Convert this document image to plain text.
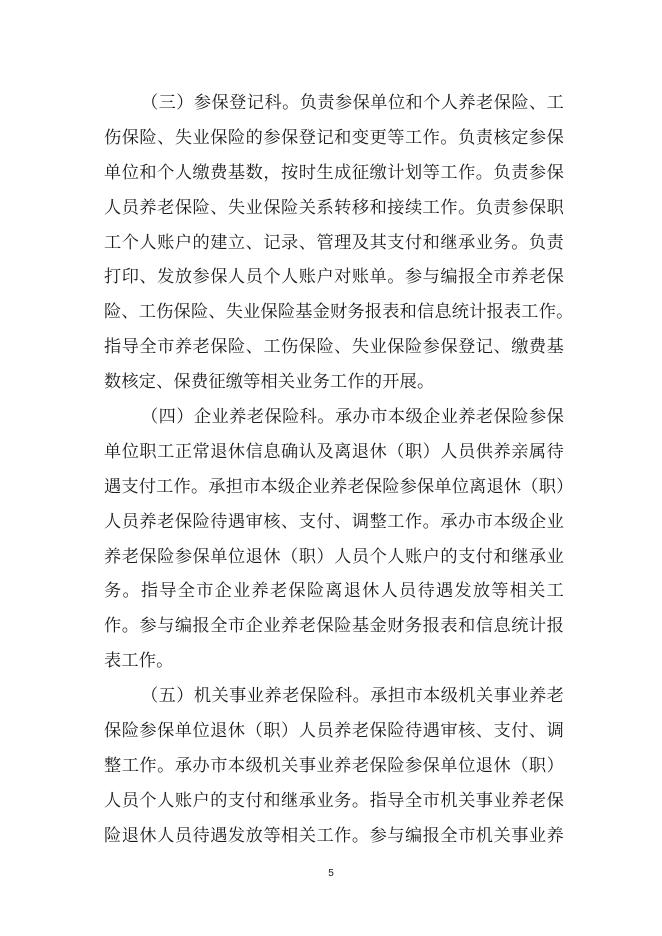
（三）参保登记科。负责参保单位和个人养老保险、工
伤保险、失业保险的参保登记和变更等工作。负责核定参保
单位和个人缴费基数，按时生成征缴计划等工作。负责参保
人员养老保险、失业保险关系转移和接续工作。负责参保职
工个人账户的建立、记录、管理及其支付和继承业务。负责
打印、发放参保人员个人账户对账单。参与编报全市养老保
险、工伤保险、失业保险基金财务报表和信息统计报表工作。
指导全市养老保险、工伤保险、失业保险参保登记、缴费基
数核定、保费征缴等相关业务工作的开展。
（四）企业养老保险科。承办市本级企业养老保险参保
单位职工正常退休信息确认及离退休（职）人员供养亲属待
遇支付工作。承担市本级企业养老保险参保单位离退休（职）
人员养老保险待遇审核、支付、调整工作。承办市本级企业
养老保险参保单位退休（职）人员个人账户的支付和继承业
务。指导全市企业养老保险离退休人员待遇发放等相关工
作。参与编报全市企业养老保险基金财务报表和信息统计报
表工作。
（五）机关事业养老保险科。承担市本级机关事业养老
保险参保单位退休（职）人员养老保险待遇审核、支付、调
整工作。承办市本级机关事业养老保险参保单位退休（职）
人员个人账户的支付和继承业务。指导全市机关事业养老保
险退休人员待遇发放等相关工作。参与编报全市机关事业养
5
